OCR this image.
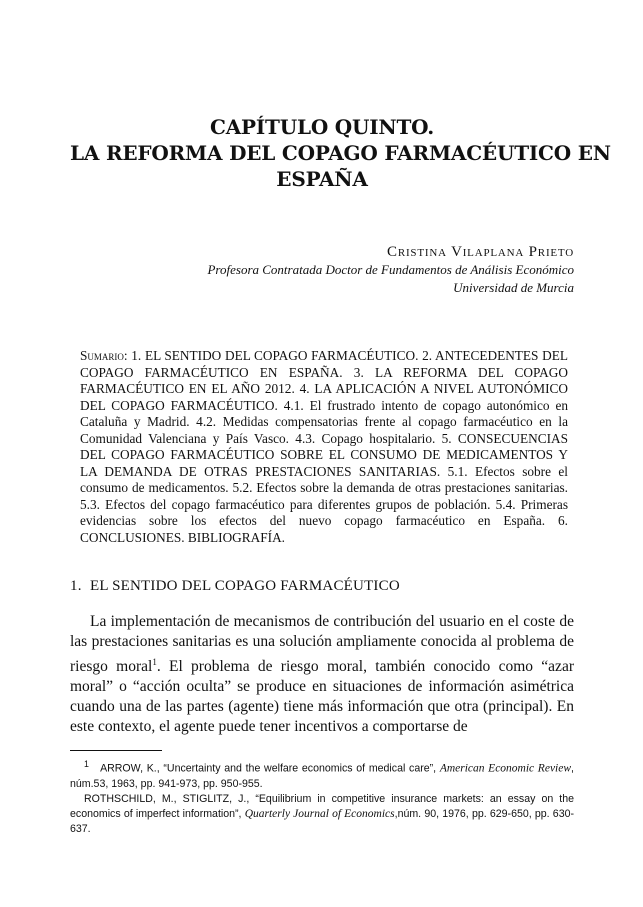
CAPÍTULO QUINTO.
LA REFORMA DEL COPAGO FARMACÉUTICO EN
ESPAÑA
Cristina Vilaplana Prieto
Profesora Contratada Doctor de Fundamentos de Análisis Económico
Universidad de Murcia
Sumario: 1. EL SENTIDO DEL COPAGO FARMACÉUTICO. 2. ANTECEDENTES DEL COPAGO FARMACÉUTICO EN ESPAÑA. 3. LA REFORMA DEL COPAGO FARMACÉUTICO EN EL AÑO 2012. 4. LA APLICACIÓN A NIVEL AUTONÓMICO DEL COPAGO FARMACÉUTICO. 4.1. El frustrado intento de copago autonómico en Cataluña y Madrid. 4.2. Medidas compensatorias frente al copago farmacéutico en la Comunidad Valenciana y País Vasco. 4.3. Copago hospitalario. 5. CONSECUENCIAS DEL COPAGO FARMACÉUTICO SOBRE EL CONSUMO DE MEDICAMENTOS Y LA DEMANDA DE OTRAS PRESTACIONES SANITARIAS. 5.1. Efectos sobre el consumo de medicamentos. 5.2. Efectos sobre la demanda de otras prestaciones sanitarias. 5.3. Efectos del copago farmacéutico para diferentes grupos de población. 5.4. Primeras evidencias sobre los efectos del nuevo copago farmacéutico en España. 6. CONCLUSIONES. BIBLIOGRAFÍA.
1. EL SENTIDO DEL COPAGO FARMACÉUTICO
La implementación de mecanismos de contribución del usuario en el coste de las prestaciones sanitarias es una solución ampliamente conocida al problema de riesgo moral$^1$. El problema de riesgo moral, también conocido como “azar moral” o “acción oculta” se produce en situaciones de información asimétrica cuando una de las partes (agente) tiene más información que otra (principal). En este contexto, el agente puede tener incentivos a comportarse de
$^1$ ARROW, K., “Uncertainty and the welfare economics of medical care”, American Economic Review, núm.53, 1963, pp. 941-973, pp. 950-955.
ROTHSCHILD, M., STIGLITZ, J., “Equilibrium in competitive insurance markets: an essay on the economics of imperfect information”, Quarterly Journal of Economics,núm. 90, 1976, pp. 629-650, pp. 630-637.
